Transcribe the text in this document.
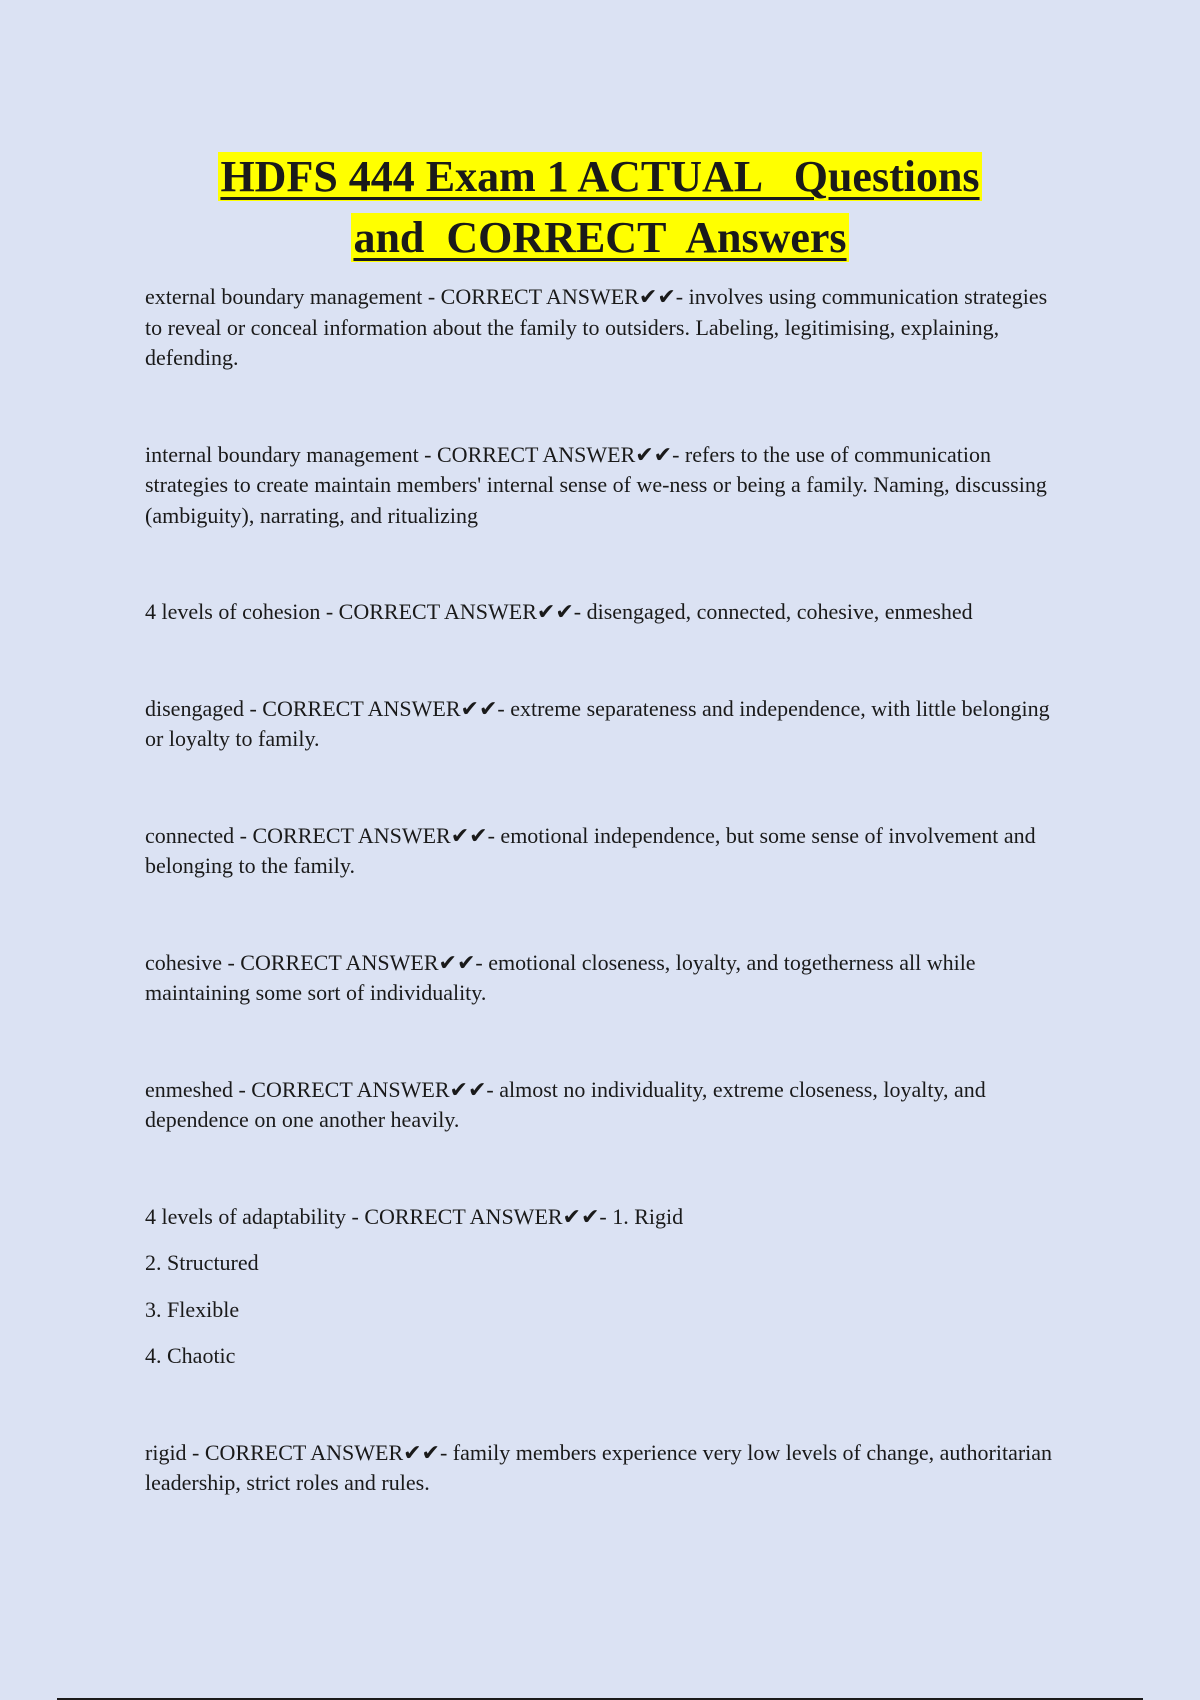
HDFS 444 Exam 1 ACTUAL   Questions
and  CORRECT  Answers

external boundary management - CORRECT ANSWER✔✔- involves using communication strategies to reveal or conceal information about the family to outsiders. Labeling, legitimising, explaining, defending.

internal boundary management - CORRECT ANSWER✔✔- refers to the use of communication strategies to create maintain members' internal sense of we-ness or being a family. Naming, discussing (ambiguity), narrating, and ritualizing

4 levels of cohesion - CORRECT ANSWER✔✔- disengaged, connected, cohesive, enmeshed

disengaged - CORRECT ANSWER✔✔- extreme separateness and independence, with little belonging or loyalty to family.

connected - CORRECT ANSWER✔✔- emotional independence, but some sense of involvement and belonging to the family.

cohesive - CORRECT ANSWER✔✔- emotional closeness, loyalty, and togetherness all while maintaining some sort of individuality.

enmeshed - CORRECT ANSWER✔✔- almost no individuality, extreme closeness, loyalty, and dependence on one another heavily.

4 levels of adaptability - CORRECT ANSWER✔✔- 1. Rigid

2. Structured

3. Flexible

4. Chaotic

rigid - CORRECT ANSWER✔✔- family members experience very low levels of change, authoritarian leadership, strict roles and rules.
